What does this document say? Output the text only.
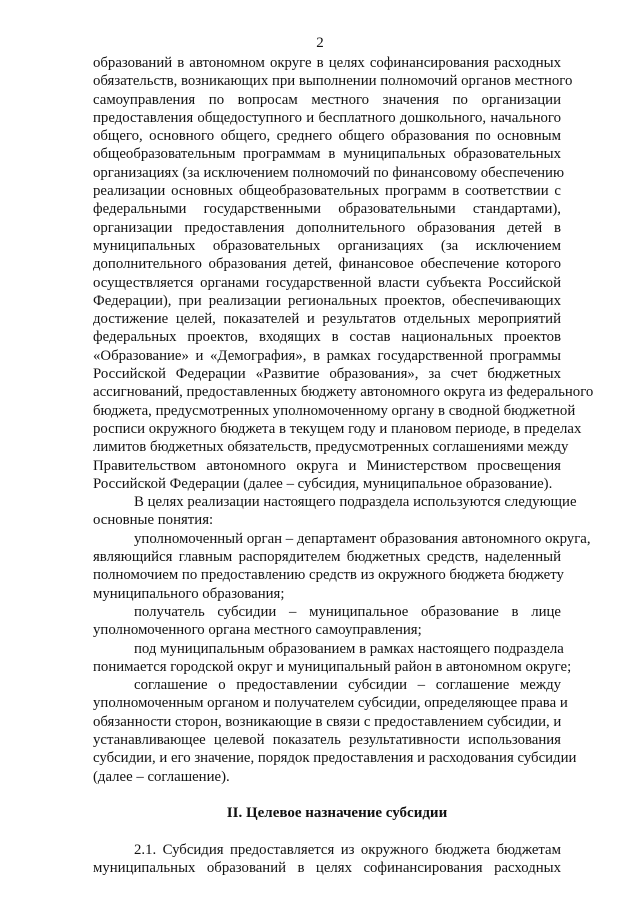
2
образований в автономном округе в целях софинансирования расходных
обязательств, возникающих при выполнении полномочий органов местного
самоуправления по вопросам местного значения по организации
предоставления общедоступного и бесплатного дошкольного, начального
общего, основного общего, среднего общего образования по основным
общеобразовательным программам в муниципальных образовательных
организациях (за исключением полномочий по финансовому обеспечению
реализации основных общеобразовательных программ в соответствии с
федеральными государственными образовательными стандартами),
организации предоставления дополнительного образования детей в
муниципальных образовательных организациях (за исключением
дополнительного образования детей, финансовое обеспечение которого
осуществляется органами государственной власти субъекта Российской
Федерации), при реализации региональных проектов, обеспечивающих
достижение целей, показателей и результатов отдельных мероприятий
федеральных проектов, входящих в состав национальных проектов
«Образование» и «Демография», в рамках государственной программы
Российской Федерации «Развитие образования», за счет бюджетных
ассигнований, предоставленных бюджету автономного округа из федерального
бюджета, предусмотренных уполномоченному органу в сводной бюджетной
росписи окружного бюджета в текущем году и плановом периоде, в пределах
лимитов бюджетных обязательств, предусмотренных соглашениями между
Правительством автономного округа и Министерством просвещения
Российской Федерации (далее – субсидия, муниципальное образование).
В целях реализации настоящего подраздела используются следующие
основные понятия:
уполномоченный орган – департамент образования автономного округа,
являющийся главным распорядителем бюджетных средств, наделенный
полномочием по предоставлению средств из окружного бюджета бюджету
муниципального образования;
получатель субсидии – муниципальное образование в лице
уполномоченного органа местного самоуправления;
под муниципальным образованием в рамках настоящего подраздела
понимается городской округ и муниципальный район в автономном округе;
соглашение о предоставлении субсидии – соглашение между
уполномоченным органом и получателем субсидии, определяющее права и
обязанности сторон, возникающие в связи с предоставлением субсидии, и
устанавливающее целевой показатель результативности использования
субсидии, и его значение, порядок предоставления и расходования субсидии
(далее – соглашение).
II. Целевое назначение субсидии
2.1. Субсидия предоставляется из окружного бюджета бюджетам
муниципальных образований в целях софинансирования расходных
